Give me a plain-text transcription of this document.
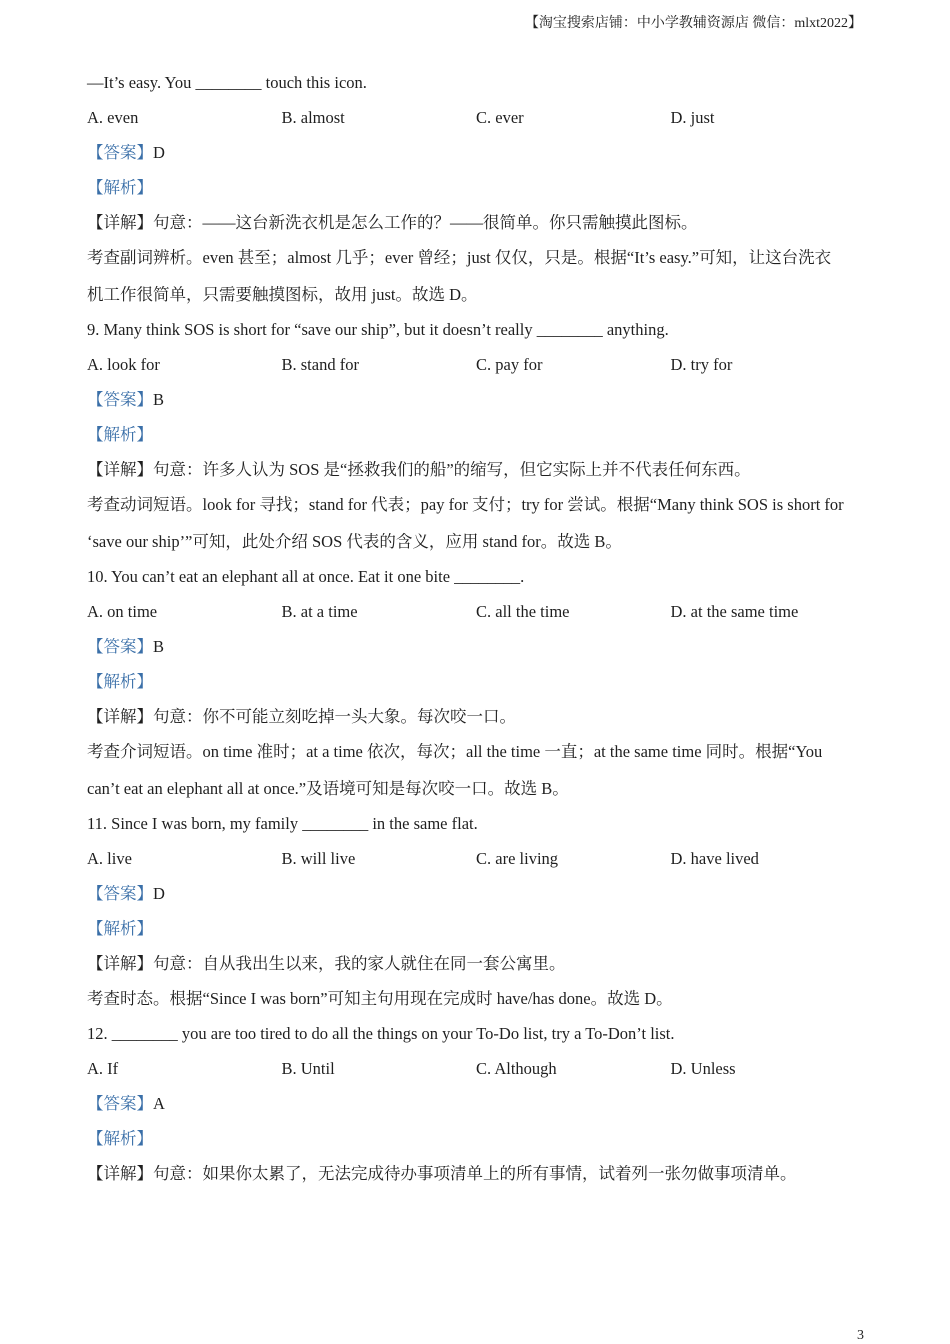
【淘宝搜索店铺：中小学教辅资源店 微信：mlxt2022】

—It’s easy. You ________ touch this icon.

A. even	B. almost	C. ever	D. just

【答案】D

【解析】

【详解】句意：——这台新洗衣机是怎么工作的？——很简单。你只需触摸此图标。

考查副词辨析。even 甚至；almost 几乎；ever 曾经；just 仅仅，只是。根据“It’s easy.”可知，让这台洗衣

机工作很简单，只需要触摸图标，故用 just。故选 D。

9. Many think SOS is short for “save our ship”, but it doesn’t really ________ anything.

A. look for	B. stand for	C. pay for	D. try for

【答案】B

【解析】

【详解】句意：许多人认为 SOS 是“拯救我们的船”的缩写，但它实际上并不代表任何东西。

考查动词短语。look for 寻找；stand for 代表；pay for 支付；try for 尝试。根据“Many think SOS is short for

‘save our ship’”可知，此处介绍 SOS 代表的含义，应用 stand for。故选 B。

10. You can’t eat an elephant all at once. Eat it one bite ________.

A. on time	B. at a time	C. all the time	D. at the same time

【答案】B

【解析】

【详解】句意：你不可能立刻吃掉一头大象。每次咬一口。

考查介词短语。on time 准时；at a time 依次，每次；all the time 一直；at the same time 同时。根据“You

can’t eat an elephant all at once.”及语境可知是每次咬一口。故选 B。

11. Since I was born, my family ________ in the same flat.

A. live	B. will live	C. are living	D. have lived

【答案】D

【解析】

【详解】句意：自从我出生以来，我的家人就住在同一套公寓里。

考查时态。根据“Since I was born”可知主句用现在完成时 have/has done。故选 D。

12. ________ you are too tired to do all the things on your To-Do list, try a To-Don’t list.

A. If	B. Until	C. Although	D. Unless

【答案】A

【解析】

【详解】句意：如果你太累了，无法完成待办事项清单上的所有事情，试着列一张勿做事项清单。

3
